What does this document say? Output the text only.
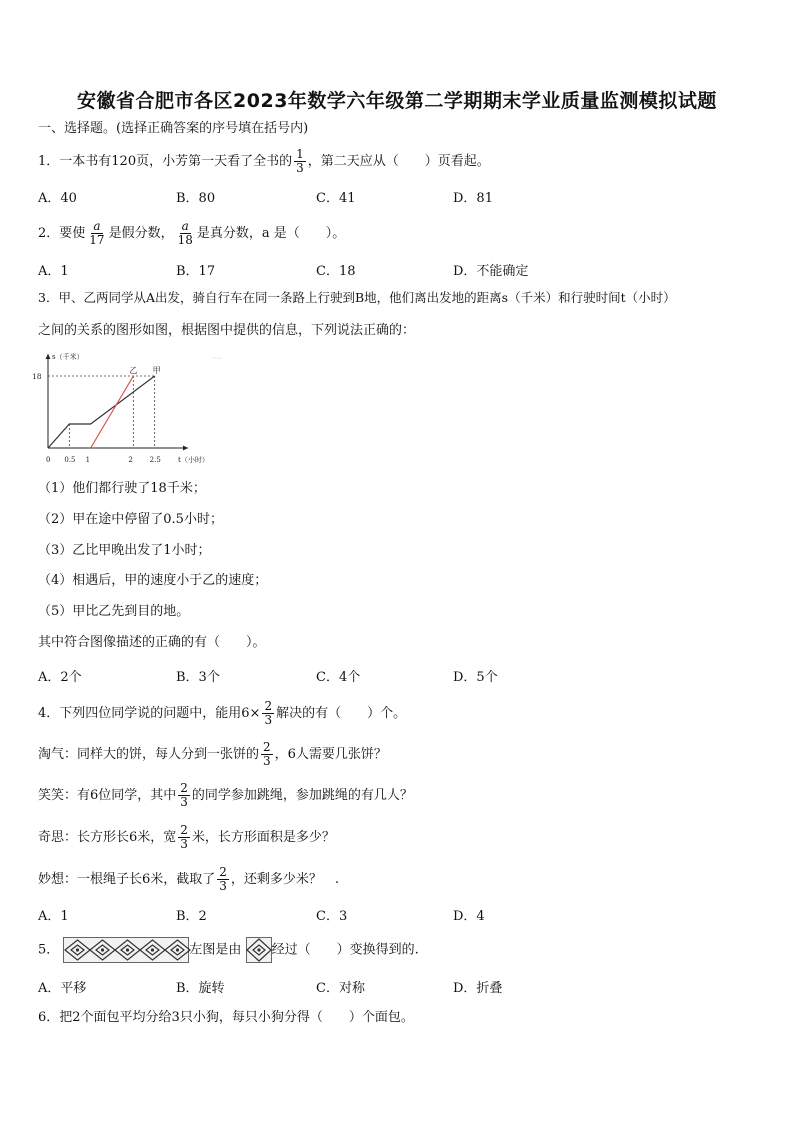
安徽省合肥市各区2023年数学六年级第二学期期末学业质量监测模拟试题
一、选择题。(选择正确答案的序号填在括号内)
1．一本书有120页，小芳第一天看了全书的 $\frac{1}{3}$ ，第二天应从（　　）页看起。
A．40	B．80	C．41	D．81
2．要使 $\frac{a}{17}$ 是假分数， $\frac{a}{18}$ 是真分数，a 是（　　）。
A．1	B．17	C．18	D．不能确定
3．甲、乙两同学从A出发，骑自行车在同一条路上行驶到B地，他们离出发地的距离s（千米）和行驶时间t（小时）
之间的关系的图形如图，根据图中提供的信息，下列说法正确的：
s（千米）
t（小时）
18
0 0.5 1	2 2.5
乙 甲
（1）他们都行驶了18千米；
（2）甲在途中停留了0.5小时；
（3）乙比甲晚出发了1小时；
（4）相遇后，甲的速度小于乙的速度；
（5）甲比乙先到目的地。
其中符合图像描述的正确的有（　　）。
A．2个	B．3个	C．4个	D．5个
4．下列四位同学说的问题中，能用$6\times \frac{2}{3}$ 解决的有（　　）个。
淘气：同样大的饼，每人分到一张饼的 $\frac{2}{3}$ ，6人需要几张饼？
笑笑：有6位同学，其中 $\frac{2}{3}$ 的同学参加跳绳，参加跳绳的有几人？
奇思：长方形长6米，宽 $\frac{2}{3}$ 米，长方形面积是多少？
妙想：一根绳子长6米，截取了 $\frac{2}{3}$ ，还剩多少米？　.
A．1	B．2	C．3	D．4
5．	左图是由 经过（　　）变换得到的.
A．平移	B．旋转	C．对称	D．折叠
6．把2个面包平均分给3只小狗，每只小狗分得（　　）个面包。
